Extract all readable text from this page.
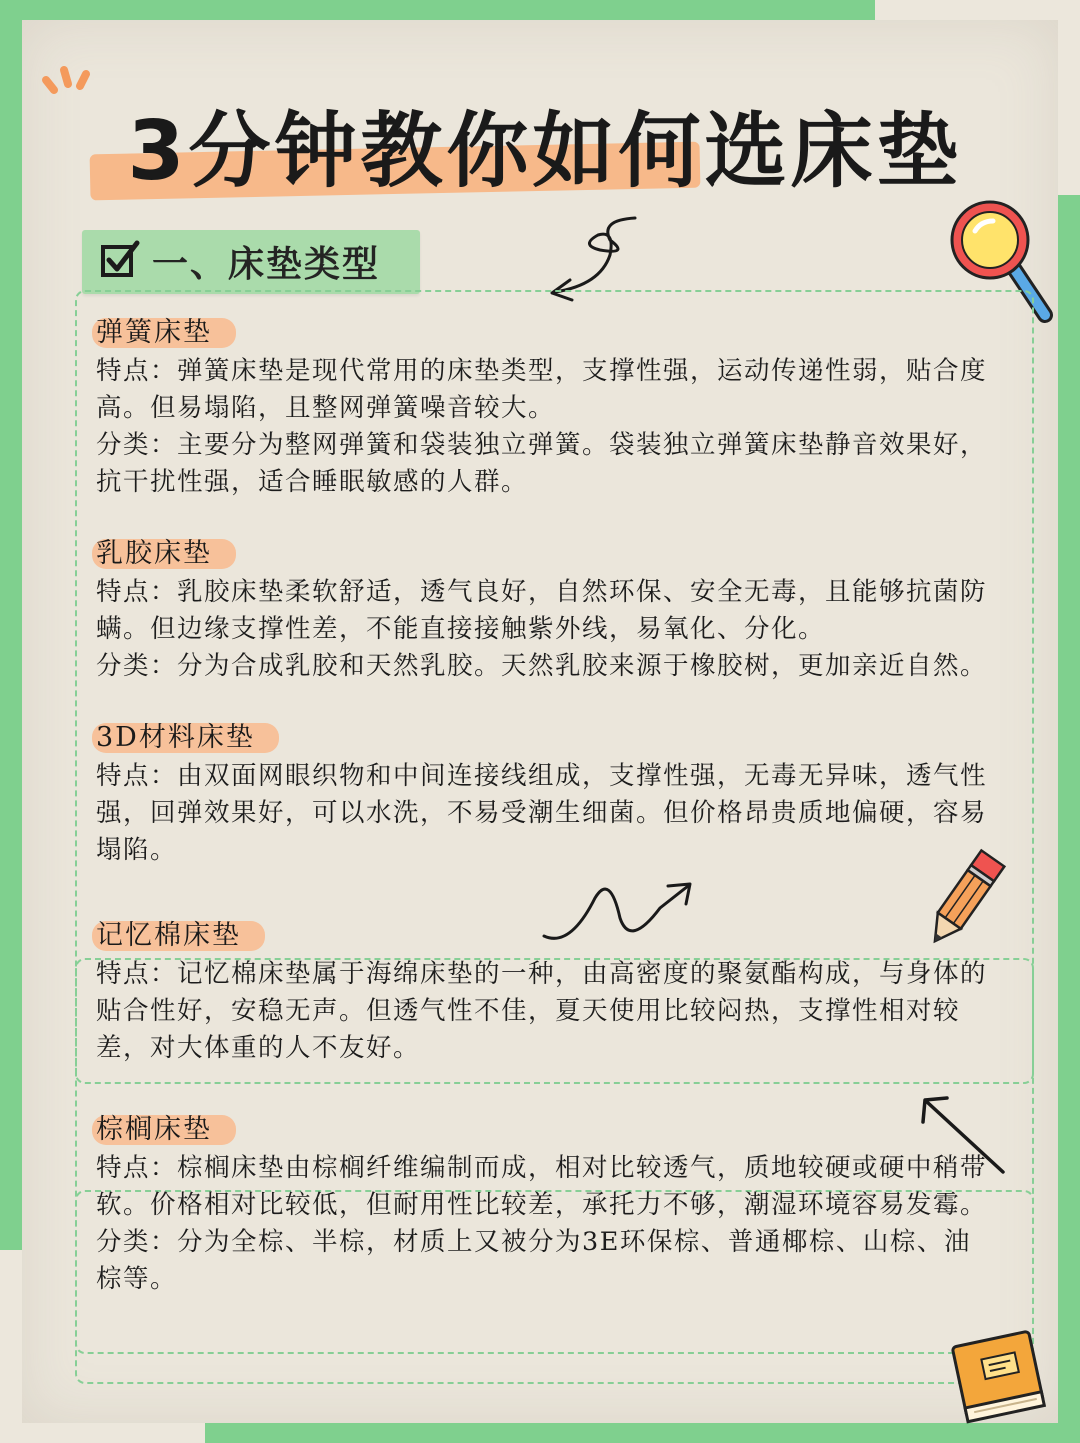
3分钟教你如何选床垫
一、床垫类型
弹簧床垫

特点：弹簧床垫是现代常用的床垫类型，支撑性强，运动传递性弱，贴合度高。但易塌陷，且整网弹簧噪音较大。

分类：主要分为整网弹簧和袋装独立弹簧。袋装独立弹簧床垫静音效果好，抗干扰性强，适合睡眠敏感的人群。

乳胶床垫

特点：乳胶床垫柔软舒适，透气良好，自然环保、安全无毒，且能够抗菌防螨。但边缘支撑性差，不能直接接触紫外线，易氧化、分化。

分类：分为合成乳胶和天然乳胶。天然乳胶来源于橡胶树，更加亲近自然。

3D材料床垫

特点：由双面网眼织物和中间连接线组成，支撑性强，无毒无异味，透气性强，回弹效果好，可以水洗，不易受潮生细菌。但价格昂贵质地偏硬，容易塌陷。

记忆棉床垫

特点：记忆棉床垫属于海绵床垫的一种，由高密度的聚氨酯构成，与身体的贴合性好，安稳无声。但透气性不佳，夏天使用比较闷热，支撑性相对较差，对大体重的人不友好。

棕榈床垫

特点：棕榈床垫由棕榈纤维编制而成，相对比较透气，质地较硬或硬中稍带软。价格相对比较低，但耐用性比较差，承托力不够，潮湿环境容易发霉。

分类：分为全棕、半棕，材质上又被分为3E环保棕、普通椰棕、山棕、油棕等。
